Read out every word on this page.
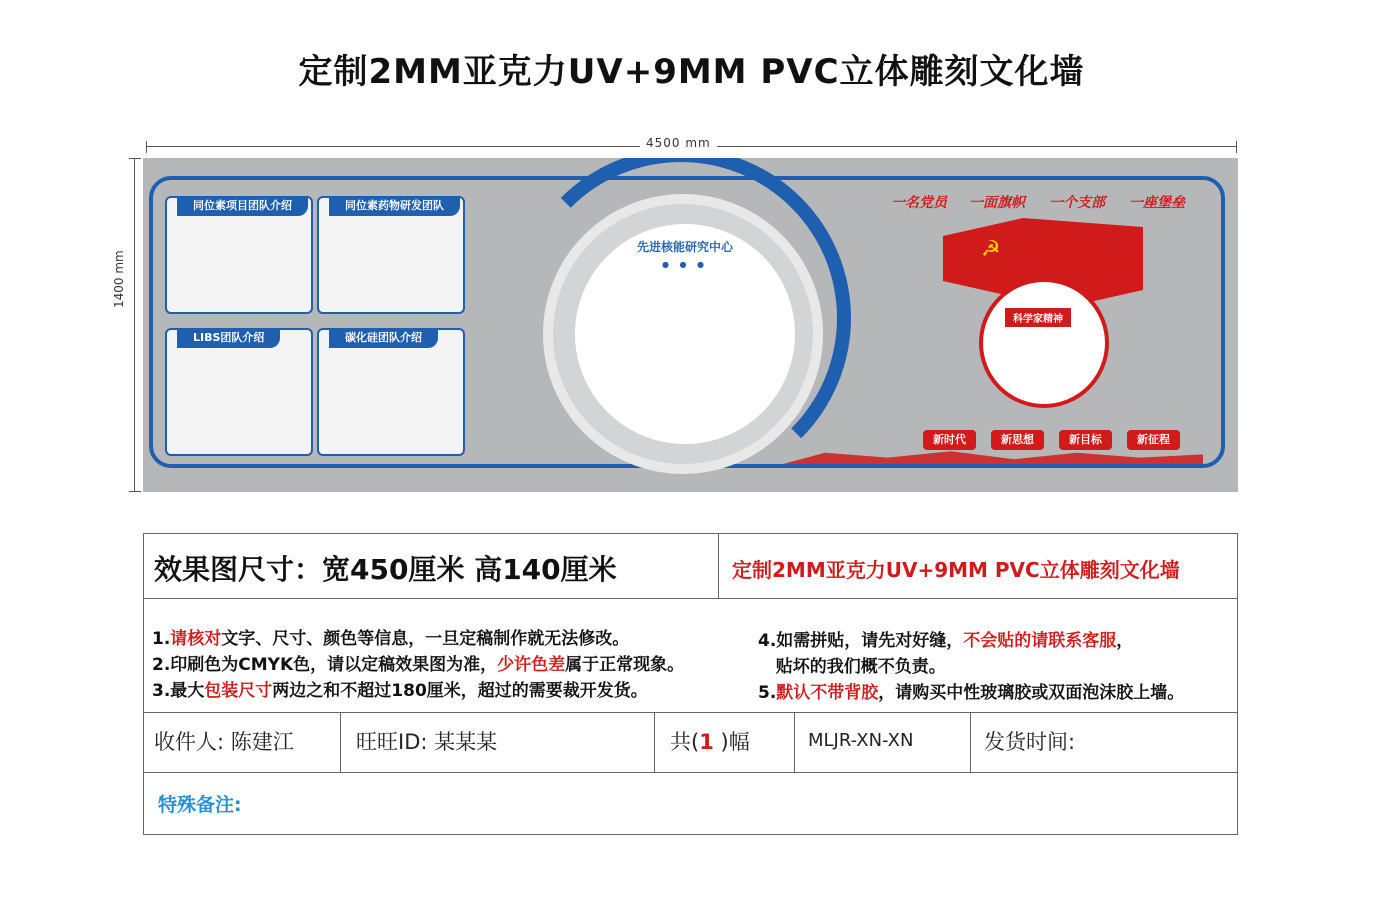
定制2MM亚克力UV+9MM PVC立体雕刻文化墙
4500 mm
1400 mm
同位素项目团队介绍	同位素药物研发团队
LIBS团队介绍	碳化硅团队介绍
先进核能研究中心
● ● ●
一名党员 一面旗帜 一个支部 一座堡垒
☭
科学家精神
新时代	新思想	新目标	新征程
效果图尺寸：宽450厘米 高140厘米	定制2MM亚克力UV+9MM PVC立体雕刻文化墙
1.请核对文字、尺寸、颜色等信息，一旦定稿制作就无法修改。
2.印刷色为CMYK色，请以定稿效果图为准，少许色差属于正常现象。
3.最大包装尺寸两边之和不超过180厘米，超过的需要裁开发货。
4.如需拼贴，请先对好缝，不会贴的请联系客服，
贴坏的我们概不负责。
5.默认不带背胶，请购买中性玻璃胶或双面泡沫胶上墙。
收件人: 陈建江	旺旺ID: 某某某	共(1 )幅	MLJR-XN-XN	发货时间:
特殊备注:
